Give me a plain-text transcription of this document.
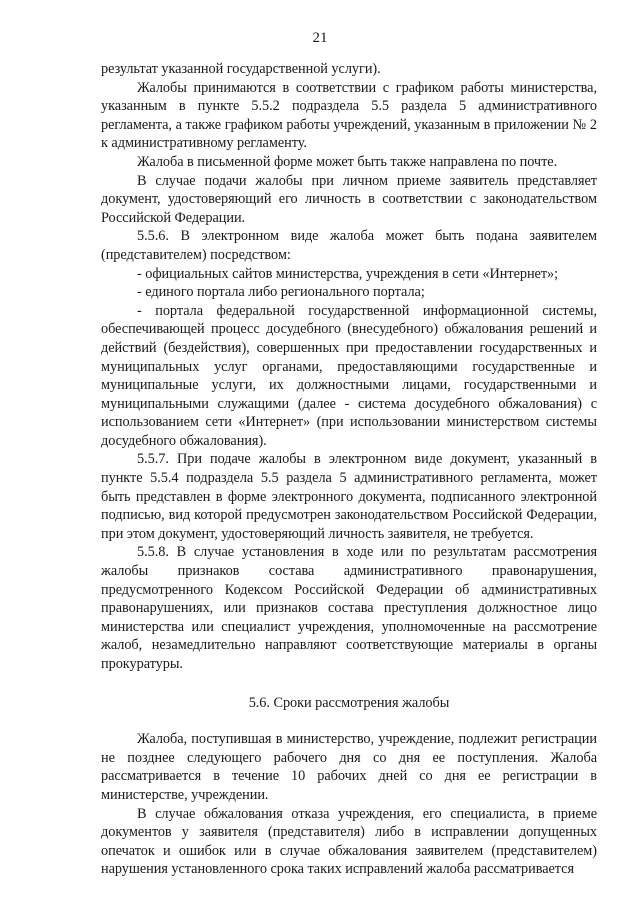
21

результат указанной государственной услуги).

Жалобы принимаются в соответствии с графиком работы министерства, указанным в пункте 5.5.2 подраздела 5.5 раздела 5 административного регламента, а также графиком работы учреждений, указанным в приложении № 2 к административному регламенту.

Жалоба в письменной форме может быть также направлена по почте.

В случае подачи жалобы при личном приеме заявитель представляет документ, удостоверяющий его личность в соответствии с законодательством Российской Федерации.

5.5.6. В электронном виде жалоба может быть подана заявителем (представителем) посредством:

- официальных сайтов министерства, учреждения в сети «Интернет»;

- единого портала либо регионального портала;

- портала федеральной государственной информационной системы, обеспечивающей процесс досудебного (внесудебного) обжалования решений и действий (бездействия), совершенных при предоставлении государственных и муниципальных услуг органами, предоставляющими государственные и муниципальные услуги, их должностными лицами, государственными и муниципальными служащими (далее - система досудебного обжалования) с использованием сети «Интернет» (при использовании министерством системы досудебного обжалования).

5.5.7. При подаче жалобы в электронном виде документ, указанный в пункте 5.5.4 подраздела 5.5 раздела 5 административного регламента, может быть представлен в форме электронного документа, подписанного электронной подписью, вид которой предусмотрен законодательством Российской Федерации, при этом документ, удостоверяющий личность заявителя, не требуется.

5.5.8. В случае установления в ходе или по результатам рассмотрения жалобы признаков состава административного правонарушения, предусмотренного Кодексом Российской Федерации об административных правонарушениях, или признаков состава преступления должностное лицо министерства или специалист учреждения, уполномоченные на рассмотрение жалоб, незамедлительно направляют соответствующие материалы в органы прокуратуры.

5.6. Сроки рассмотрения жалобы

Жалоба, поступившая в министерство, учреждение, подлежит регистрации не позднее следующего рабочего дня со дня ее поступления. Жалоба рассматривается в течение 10 рабочих дней со дня ее регистрации в министерстве, учреждении.

В случае обжалования отказа учреждения, его специалиста, в приеме документов у заявителя (представителя) либо в исправлении допущенных опечаток и ошибок или в случае обжалования заявителем (представителем) нарушения установленного срока таких исправлений жалоба рассматривается
